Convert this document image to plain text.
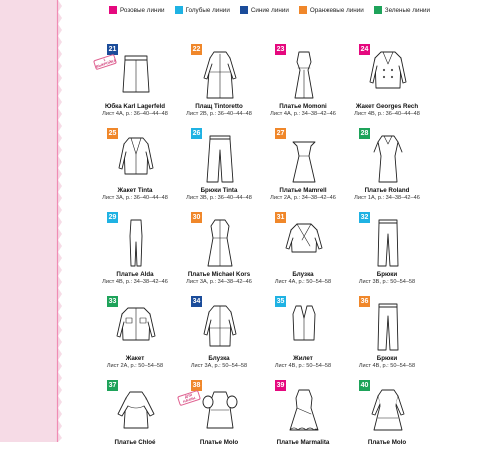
Розовые линии	Голубые линии	Синие линии	Оранжевые линии	Зеленые линии
21
1 ВЫКРОЙКА
Юбка Karl Lagerfeld
Лист 4А, р.: 36–40–44–48
22
Плащ Tintoretto
Лист 2В, р.: 36–40–44–48
23
Платье Momoni
Лист 4А, р.: 34–38–42–46
24
Жакет Georges Rech
Лист 4В, р.: 36–40–44–48
25
Жакет Tinta
Лист 3А, р.: 36–40–44–48
26
Брюки Tinta
Лист 3В, р.: 36–40–44–48
27
Платье Mamrell
Лист 2А, р.: 34–38–42–46
28
Платье Roland
Лист 1А, р.: 34–38–42–46
29
Платье Alda
Лист 4В, р.: 34–38–42–46
30
Платье Michael Kors
Лист 3А, р.: 34–38–42–46
31
Блузка
Лист 4А, р.: 50–54–58
32
Брюки
Лист 3В, р.: 50–54–58
33
Жакет
Лист 2А, р.: 50–54–58
34
Блузка
Лист 3А, р.: 50–54–58
35
Жилет
Лист 4В, р.: 50–54–58
36
Брюки
Лист 4В, р.: 50–54–58
37
Платье Chloé
38
ДЛЯ НАЧИН.
Платье Molo
39
Платье Marmalita
40
Платье Molo
